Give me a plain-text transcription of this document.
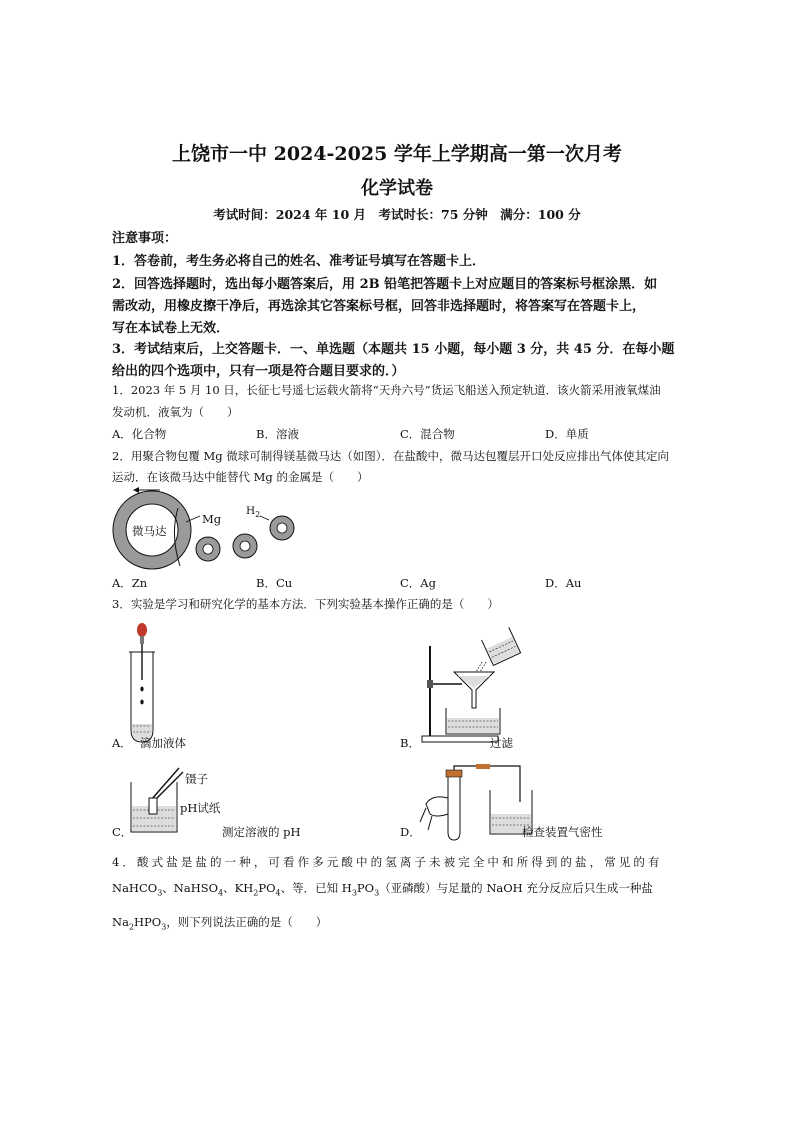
上饶市一中 2024-2025 学年上学期高一第一次月考
化学试卷
考试时间：2024 年 10 月　考试时长：75 分钟　满分：100 分
注意事项：
1．答卷前，考生务必将自己的姓名、准考证号填写在答题卡上．
2．回答选择题时，选出每小题答案后，用 2B 铅笔把答题卡上对应题目的答案标号框涂黑．如
需改动，用橡皮擦干净后，再选涂其它答案标号框，回答非选择题时，将答案写在答题卡上，
写在本试卷上无效．
3．考试结束后，上交答题卡．一、单选题（本题共 15 小题，每小题 3 分，共 45 分．在每小题
给出的四个选项中，只有一项是符合题目要求的．）
1．2023 年 5 月 10 日，长征七号遥七运载火箭将“天舟六号”货运飞船送入预定轨道．该火箭采用液氧煤油
发动机．液氧为（　　）
A．化合物	B．溶液	C．混合物	D．单质
2．用聚合物包覆 Mg 微球可制得镁基微马达（如图）．在盐酸中，微马达包覆层开口处反应排出气体使其定向
运动．在该微马达中能替代 Mg 的金属是（　　）
微马达
Mg
$H_2$
A．Zn	B．Cu	C．Ag	D．Au
3．实验是学习和研究化学的基本方法．下列实验基本操作正确的是（　　）
A． 滴加液体	B．	过滤
镊子
pH试纸
C．	测定溶液的 pH	D．	检查装置气密性
4．酸式盐是盐的一种，可看作多元酸中的氢离子未被完全中和所得到的盐，常见的有
NaHCO$_3$、NaHSO$_4$、$KH_2PO_4$、等．已知 $H_3PO_3$（亚磷酸）与足量的 NaOH 充分反应后只生成一种盐
$Na_2HPO_3$，则下列说法正确的是（　　）
